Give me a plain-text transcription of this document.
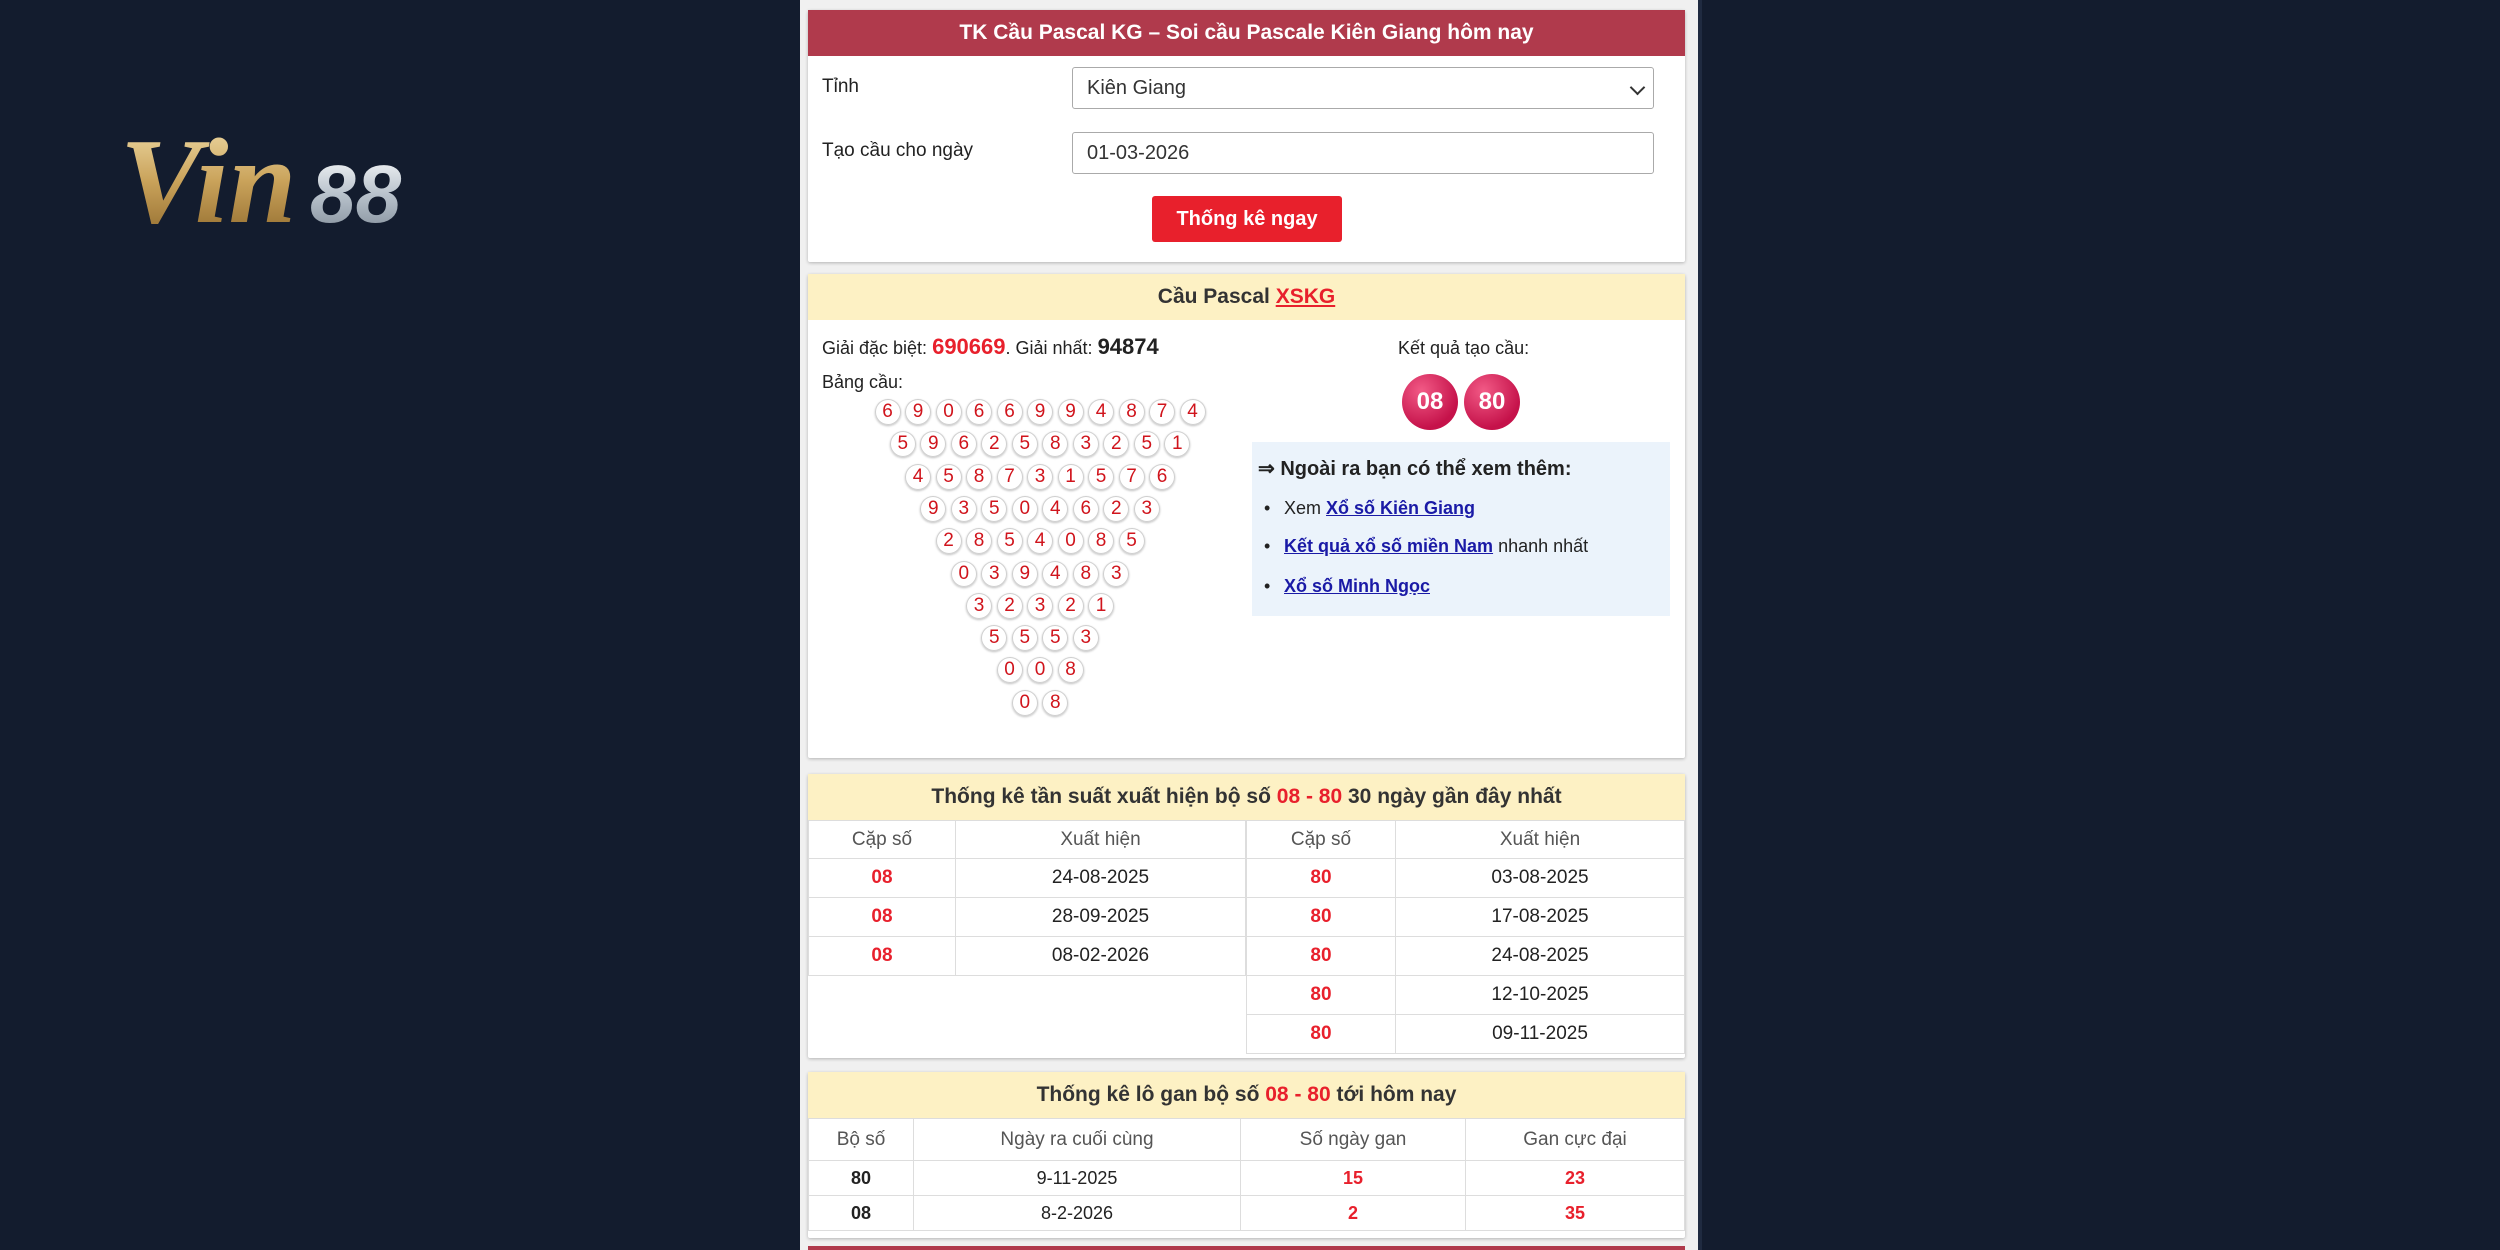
Vin 88
TK Cầu Pascal KG – Soi cầu Pascale Kiên Giang hôm nay
Tỉnh	Kiên Giang
Tạo cầu cho ngày	01-03-2026
Thống kê ngay
Cầu Pascal XSKG
Giải đặc biệt: 690669. Giải nhất: 94874
Bảng cầu:
6	9	0	6	6	9	9	4	8	7	4
5	9	6	2	5	8	3	2	5	1
4	5	8	7	3	1	5	7	6
9	3	5	0	4	6	2	3
2	8	5	4	0	8	5
0	3	9	4	8	3
3	2	3	2	1
5	5	5	3
0	0	8
0	8
Kết quả tạo cầu:
08	80
⇒ Ngoài ra bạn có thể xem thêm:
• Xem Xổ số Kiên Giang
• Kết quả xổ số miền Nam nhanh nhất
• Xổ số Minh Ngọc
Thống kê tần suất xuất hiện bộ số 08 - 80 30 ngày gần đây nhất
Cặp số	Xuất hiện
08	24-08-2025
08	28-09-2025
08	08-02-2026
Cặp số	Xuất hiện
80	03-08-2025
80	17-08-2025
80	24-08-2025
80	12-10-2025
80	09-11-2025
Thống kê lô gan bộ số 08 - 80 tới hôm nay
Bộ số	Ngày ra cuối cùng	Số ngày gan	Gan cực đại
80	9-11-2025	15	23
08	8-2-2026	2	35
